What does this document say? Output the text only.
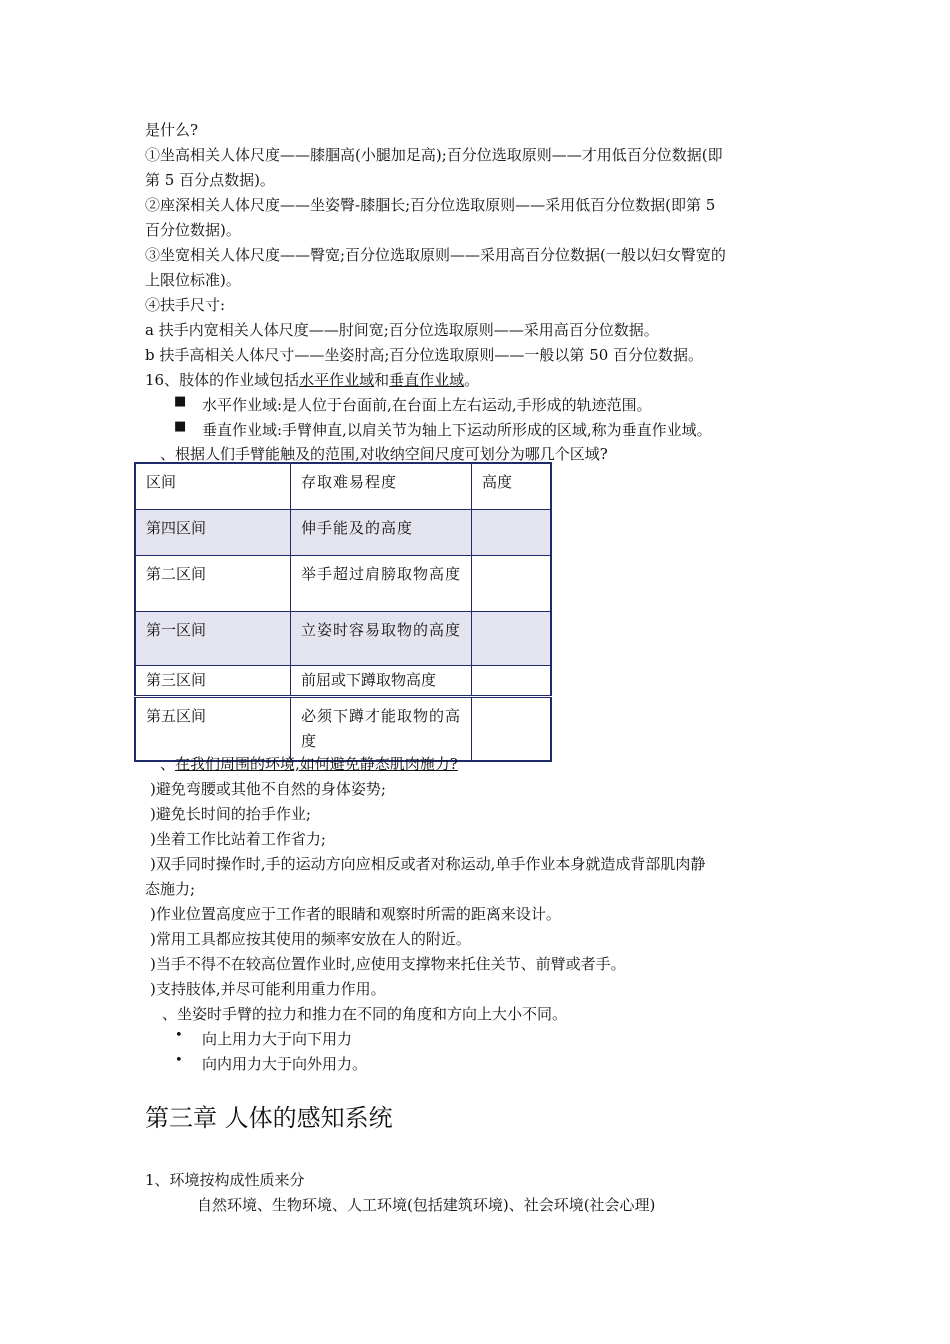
是什么?
①坐高相关人体尺度——膝腘高(小腿加足高);百分位选取原则——才用低百分位数据(即
第 5 百分点数据)。
②座深相关人体尺度——坐姿臀-膝腘长;百分位选取原则——采用低百分位数据(即第 5
百分位数据)。
③坐宽相关人体尺度——臀宽;百分位选取原则——采用高百分位数据(一般以妇女臀宽的
上限位标准)。
④扶手尺寸:
a 扶手内宽相关人体尺度——肘间宽;百分位选取原则——采用高百分位数据。
b 扶手高相关人体尺寸——坐姿肘高;百分位选取原则——一般以第 50 百分位数据。
16、肢体的作业域包括水平作业域和垂直作业域。
■ 水平作业域:是人位于台面前,在台面上左右运动,手形成的轨迹范围。
■ 垂直作业域:手臂伸直,以肩关节为轴上下运动所形成的区域,称为垂直作业域。
、根据人们手臂能触及的范围,对收纳空间尺度可划分为哪几个区域?
区间	存取难易程度	高度
第四区间	伸手能及的高度	
第二区间	举手超过肩膀取物高度	
第一区间	立姿时容易取物的高度	
第三区间	前屈或下蹲取物高度	
第五区间	必须下蹲才能取物的高度	
、在我们周围的环境,如何避免静态肌肉施力?
)避免弯腰或其他不自然的身体姿势;
)避免长时间的抬手作业;
)坐着工作比站着工作省力;
)双手同时操作时,手的运动方向应相反或者对称运动,单手作业本身就造成背部肌肉静
态施力;
)作业位置高度应于工作者的眼睛和观察时所需的距离来设计。
)常用工具都应按其使用的频率安放在人的附近。
)当手不得不在较高位置作业时,应使用支撑物来托住关节、前臂或者手。
)支持肢体,并尽可能利用重力作用。
、坐姿时手臂的拉力和推力在不同的角度和方向上大小不同。
• 向上用力大于向下用力
• 向内用力大于向外用力。
第三章 人体的感知系统
1、环境按构成性质来分
自然环境、生物环境、人工环境(包括建筑环境)、社会环境(社会心理)
